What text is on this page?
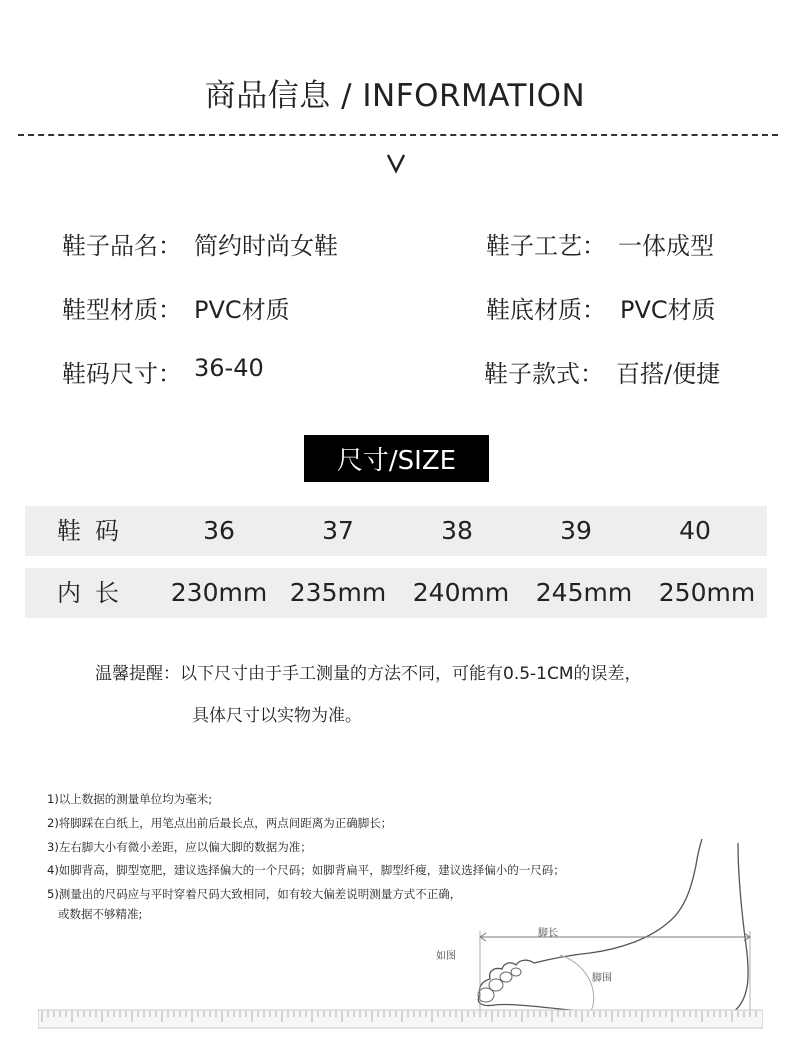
商品信息 / INFORMATION
鞋子品名： 简约时尚女鞋	鞋子工艺： 一体成型
鞋型材质： PVC材质	鞋底材质： PVC材质
鞋码尺寸： 36-40	鞋子款式： 百搭/便捷
尺寸/SIZE
鞋码	36	37	38	39	40
内长	230mm 235mm	240mm	245mm	250mm
温馨提醒：以下尺寸由于手工测量的方法不同，可能有0.5-1CM的误差，
具体尺寸以实物为准。
1)以上数据的测量单位均为毫米;
2)将脚踩在白纸上，用笔点出前后最长点，两点间距离为正确脚长；
3)左右脚大小有微小差距，应以偏大脚的数据为准；
4)如脚背高，脚型宽肥，建议选择偏大的一个尺码；如脚背扁平，脚型纤瘦，建议选择偏小的一尺码；
5)测量出的尺码应与平时穿着尺码大致相同，如有较大偏差说明测量方式不正确，
或数据不够精准;
如图
脚长
脚围
